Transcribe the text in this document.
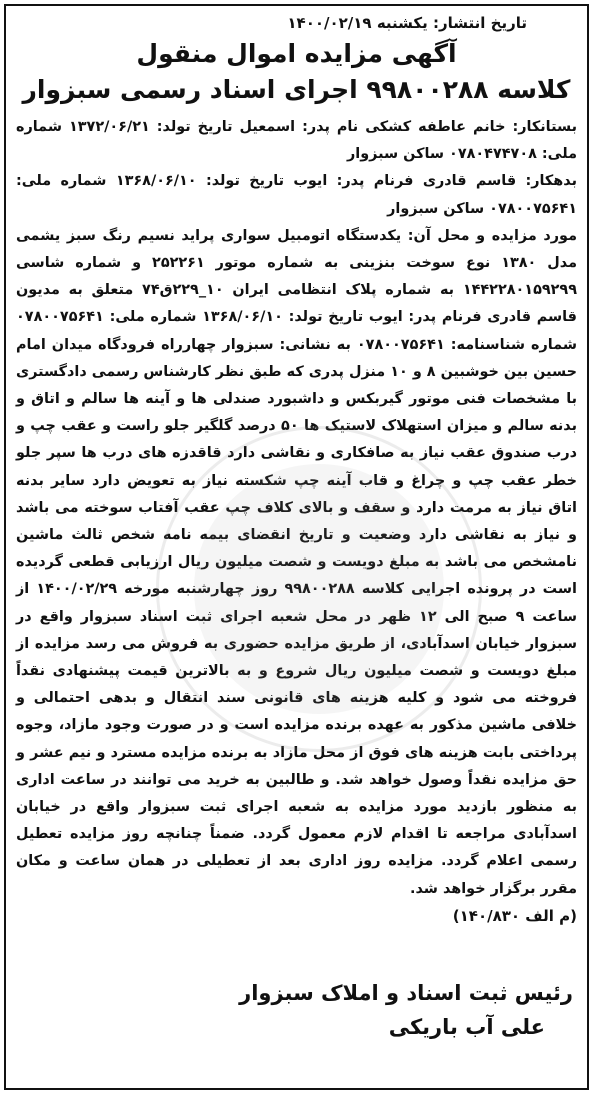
تاریخ انتشار: یکشنبه ۱۴۰۰/۰۲/۱۹
آگهی مزایده اموال منقول
کلاسه ۹۹۸۰۰۲۸۸ اجرای اسناد رسمی سبزوار

بستانکار: خانم عاطفه کشکی نام پدر: اسمعیل تاریخ تولد: ۱۳۷۲/۰۶/۲۱ شماره ملی: ۰۷۸۰۴۷۴۷۰۸ ساکن سبزوار

بدهکار: قاسم قادری فرنام پدر: ایوب تاریخ تولد: ۱۳۶۸/۰۶/۱۰ شماره ملی: ۰۷۸۰۰۷۵۶۴۱ ساکن سبزوار

مورد مزایده و محل آن: یکدستگاه اتومبیل سواری پراید نسیم رنگ سبز یشمی مدل ۱۳۸۰ نوع سوخت بنزینی به شماره موتور ۲۵۲۲۶۱ و شماره شاسی ۱۴۴۲۲۸۰۱۵۹۲۹۹ به شماره پلاک انتظامی ایران ۱۰_۲۲۹ق۷۴ متعلق به مدیون قاسم قادری فرنام پدر: ایوب تاریخ تولد: ۱۳۶۸/۰۶/۱۰ شماره ملی: ۰۷۸۰۰۷۵۶۴۱ شماره شناسنامه: ۰۷۸۰۰۷۵۶۴۱ به نشانی: سبزوار چهارراه فرودگاه میدان امام حسین بین خوشبین ۸ و ۱۰ منزل پدری که طبق نظر کارشناس رسمی دادگستری با مشخصات فنی موتور گیربکس و داشبورد صندلی ها و آینه ها سالم و اتاق و بدنه سالم و میزان استهلاک لاستیک ها ۵۰ درصد گلگیر جلو راست و عقب چپ و درب صندوق عقب نیاز به صافکاری و نقاشی دارد قاقدزه های درب ها سپر جلو خطر عقب چپ و چراغ و قاب آینه چپ شکسته نیاز به تعویض دارد سایر بدنه اتاق نیاز به مرمت دارد و سقف و بالای کلاف چپ عقب آفتاب سوخته می باشد و نیاز به نقاشی دارد وضعیت و تاریخ انقضای بیمه نامه شخص ثالث ماشین نامشخص می باشد به مبلغ دویست و شصت میلیون ریال ارزیابی قطعی گردیده است در پرونده اجرایی کلاسه ۹۹۸۰۰۲۸۸ روز چهارشنبه مورخه ۱۴۰۰/۰۲/۲۹ از ساعت ۹ صبح الی ۱۲ ظهر در محل شعبه اجرای ثبت اسناد سبزوار واقع در سبزوار خیابان اسدآبادی، از طریق مزایده حضوری به فروش می رسد مزایده از مبلغ دویست و شصت میلیون ریال شروع و به بالاترین قیمت پیشنهادی نقداً فروخته می شود و کلیه هزینه های قانونی سند انتقال و بدهی احتمالی و خلافی ماشین مذکور به عهده برنده مزایده است و در صورت وجود مازاد، وجوه پرداختی بابت هزینه های فوق از محل مازاد به برنده مزایده مسترد و نیم عشر و حق مزایده نقداً وصول خواهد شد. و طالبین به خرید می توانند در ساعت اداری به منظور بازدید مورد مزایده به شعبه اجرای ثبت سبزوار واقع در خیابان اسدآبادی مراجعه تا اقدام لازم معمول گردد. ضمناً چنانچه روز مزایده تعطیل رسمی اعلام گردد. مزایده روز اداری بعد از تعطیلی در همان ساعت و مکان مقرر برگزار خواهد شد.

(م الف ۱۴۰/۸۳۰)
رئیس ثبت اسناد و املاک سبزوار
علی آب باریکی
